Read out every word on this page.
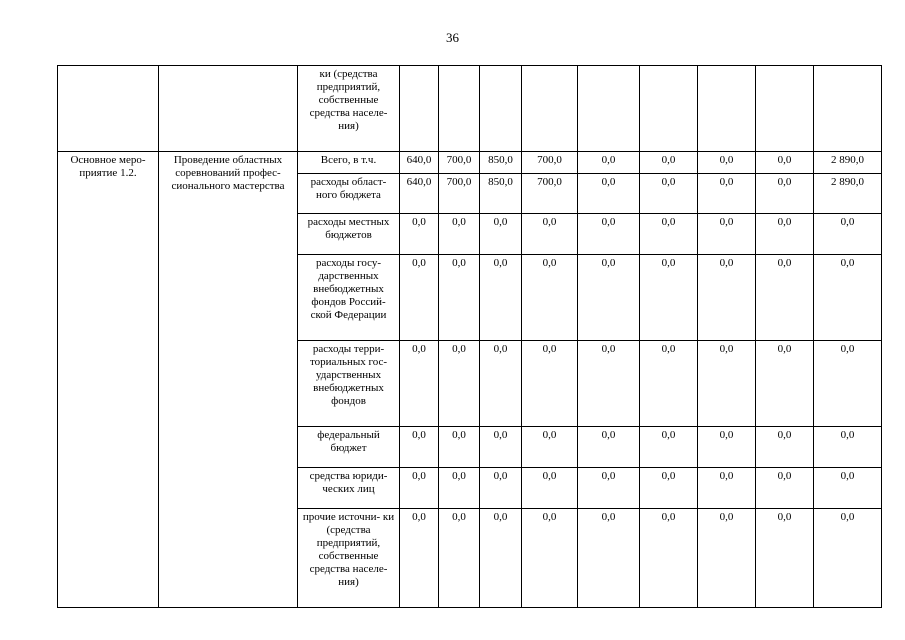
36
		ки (средства предприятий, собственные средства населе- ния)									
Основное меро- приятие 1.2.	Проведение областных соревнований профес- сионального мастерства	Всего, в т.ч.	640,0	700,0	850,0	700,0	0,0	0,0	0,0	0,0	2 890,0
		расходы област- ного бюджета	640,0	700,0	850,0	700,0	0,0	0,0	0,0	0,0	2 890,0
		расходы местных бюджетов	0,0	0,0	0,0	0,0	0,0	0,0	0,0	0,0	0,0
		расходы госу- дарственных внебюджетных фондов Россий- ской Федерации	0,0	0,0	0,0	0,0	0,0	0,0	0,0	0,0	0,0
		расходы терри- ториальных гос- ударственных внебюджетных фондов	0,0	0,0	0,0	0,0	0,0	0,0	0,0	0,0	0,0
		федеральный бюджет	0,0	0,0	0,0	0,0	0,0	0,0	0,0	0,0	0,0
		средства юриди- ческих лиц	0,0	0,0	0,0	0,0	0,0	0,0	0,0	0,0	0,0
		прочие источни- ки (средства предприятий, собственные средства населе- ния)	0,0	0,0	0,0	0,0	0,0	0,0	0,0	0,0	0,0
